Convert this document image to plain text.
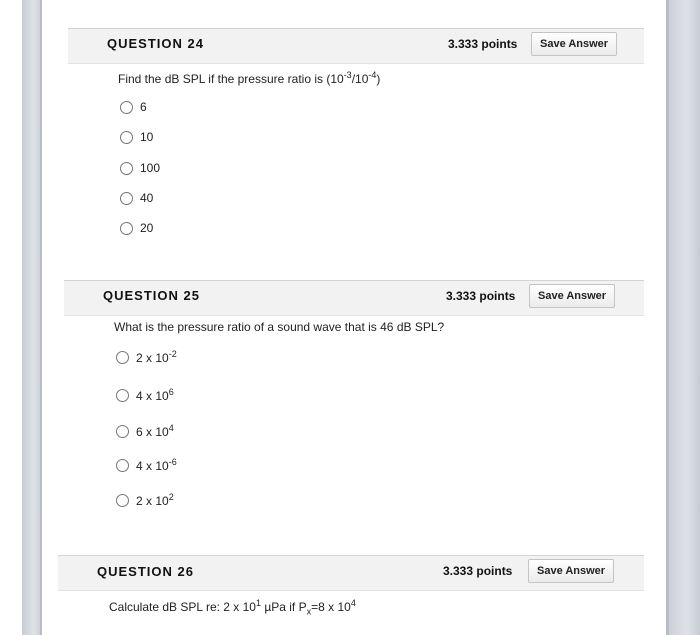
QUESTION 24	3.333 points	Save Answer
Find the dB SPL if the pressure ratio is $(10^{-3}/10^{-4})$
6
10
100
40
20
QUESTION 25	3.333 points	Save Answer
What is the pressure ratio of a sound wave that is 46 dB SPL?
2 x $10^{-2}$
4 x $10^6$
6 x $10^4$
4 x $10^{-6}$
2 x $10^2$
QUESTION 26	3.333 points	Save Answer
Calculate dB SPL re: 2 x $10^1$ µPa if $P_x=8$ x $10^4$
